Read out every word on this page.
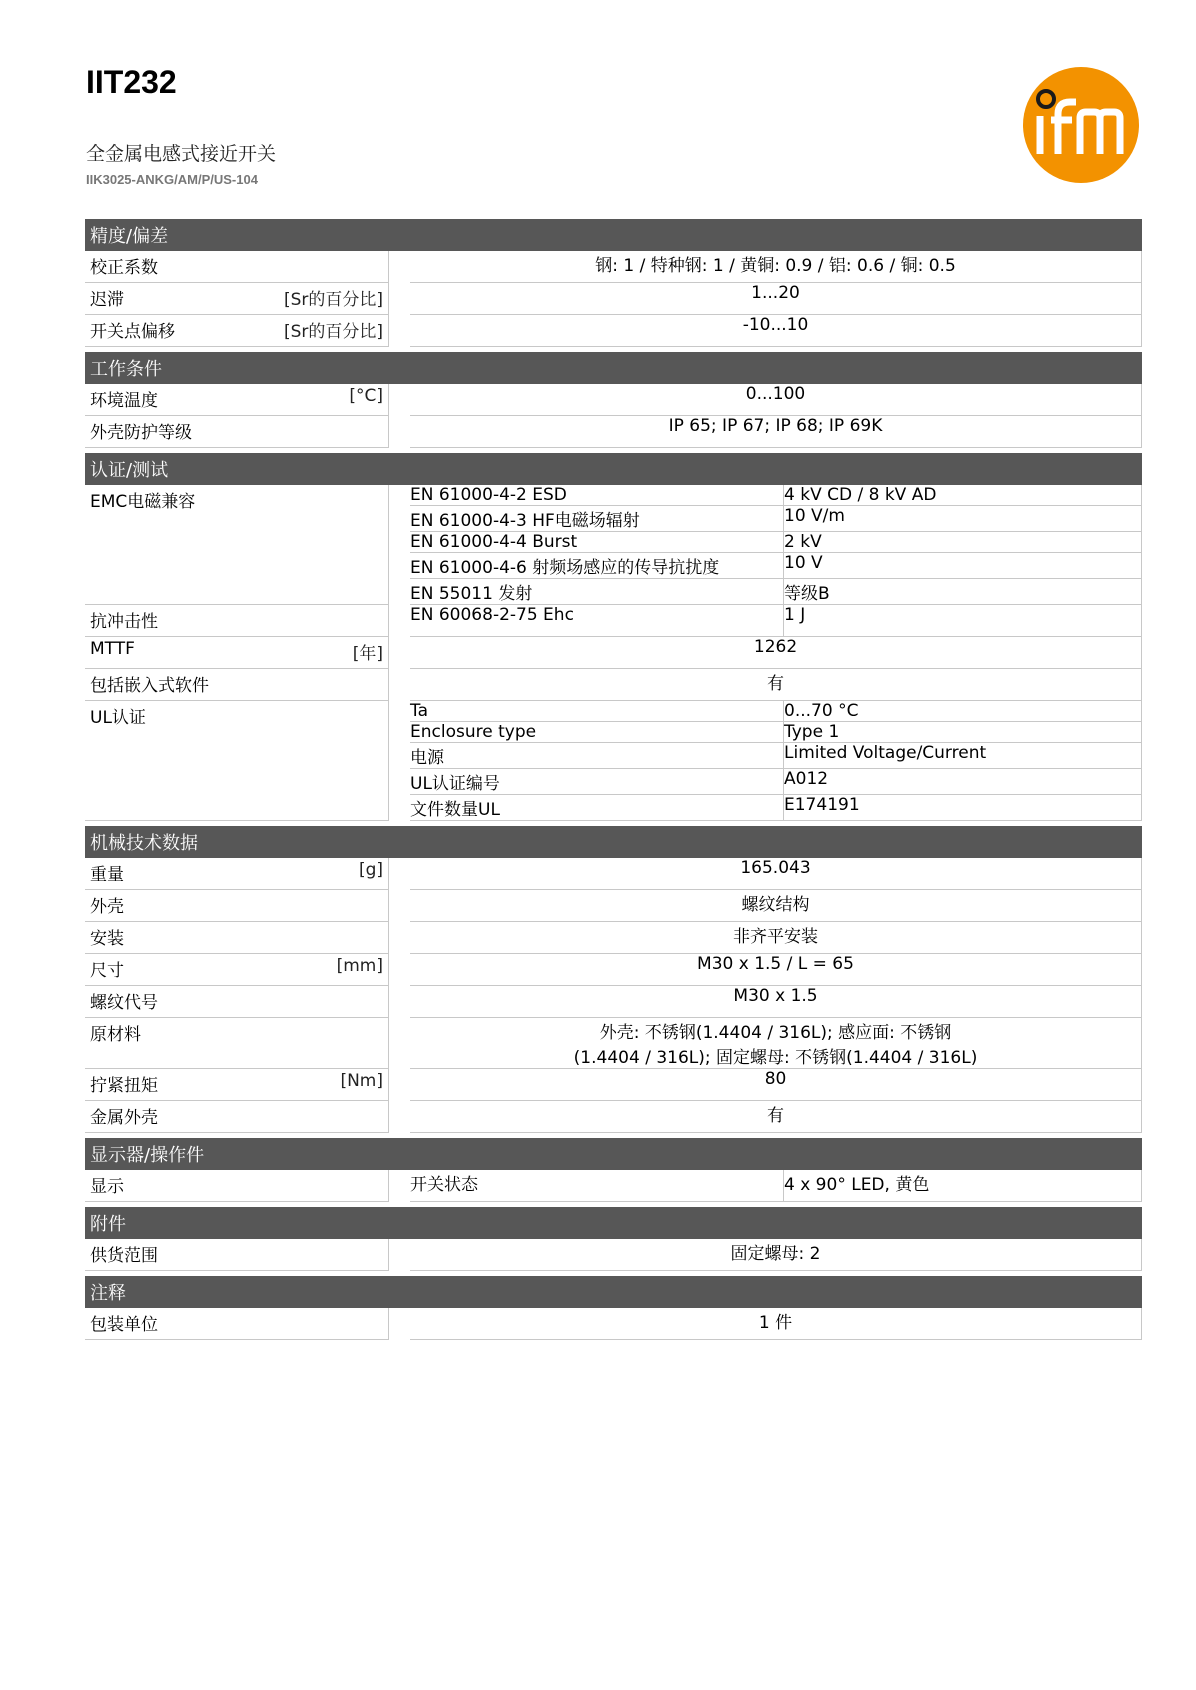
IIT232

全金属电感式接近开关

IIK3025-ANKG/AM/P/US-104

精度/偏差			

校正系数		钢: 1 / 特种钢: 1 / 黄铜: 0.9 / 铝: 0.6 / 铜: 0.5	

迟滞 [Sr的百分比]		1...20	

开关点偏移 [Sr的百分比]		-10...10	
工作条件			

环境温度 [°C]		0...100	

外壳防护等级		IP 65; IP 67; IP 68; IP 69K	
认证/测试			

EMC电磁兼容		EN 61000-4-2 ESD	4 kV CD / 8 kV AD
		EN 61000-4-3 HF电磁场辐射	10 V/m
		EN 61000-4-4 Burst	2 kV
		EN 61000-4-6 射频场感应的传导抗扰度	10 V
		EN 55011 发射	等级B

抗冲击性		EN 60068-2-75 Ehc	1 J

MTTF [年]		1262	

包括嵌入式软件		有	

UL认证		Ta	0...70 °C
		Enclosure type	Type 1
		电源	Limited Voltage/Current
		UL认证编号	A012
		文件数量UL	E174191
机械技术数据			

重量 [g]		165.043	

外壳		螺纹结构	

安装		非齐平安装	

尺寸 [mm]		M30 x 1.5 / L = 65	

螺纹代号		M30 x 1.5	

原材料		外壳: 不锈钢(1.4404 / 316L); 感应面: 不锈钢
(1.4404 / 316L); 固定螺母: 不锈钢(1.4404 / 316L)	

拧紧扭矩 [Nm]		80	

金属外壳		有	
显示器/操作件			

显示		开关状态	4 x 90° LED, 黄色
附件			

供货范围		固定螺母: 2	
注释			

包装单位		1 件	
